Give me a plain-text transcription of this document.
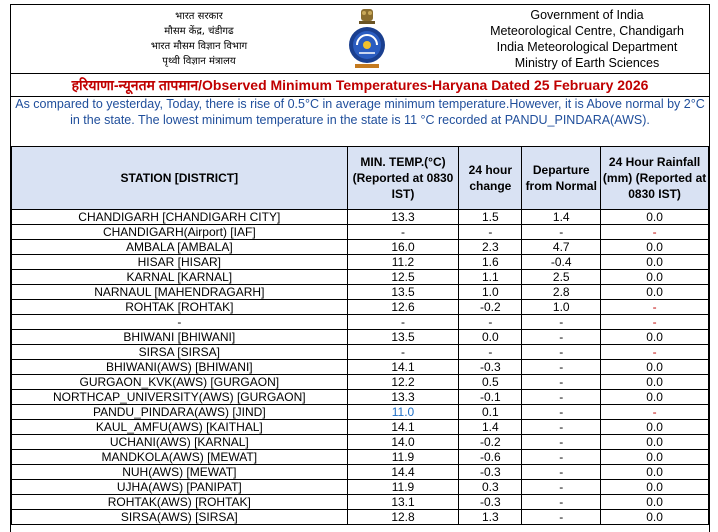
भारत सरकार
मौसम केंद्र, चंडीगढ
भारत मौसम विज्ञान विभाग
पृथ्वी विज्ञान मंत्रालय
Government of India
Meteorological Centre, Chandigarh
India Meteorological Department
Ministry of Earth Sciences
हरियाणा-न्यूनतम तापमान/Observed Minimum Temperatures-Haryana Dated 25 February 2026
As compared to yesterday, Today, there is rise of 0.5°C in average minimum temperature.However, it is Above normal by 2°C in the state. The lowest minimum temperature in the state is 11 °C recorded at PANDU_PINDARA(AWS).
STATION [DISTRICT]	MIN. TEMP.(°C) (Reported at 0830 IST)	24 hour change	Departure from Normal	24 Hour Rainfall (mm) (Reported at 0830 IST)
CHANDIGARH [CHANDIGARH CITY]	13.3	1.5	1.4	0.0
CHANDIGARH(Airport) [IAF]	-	-	-	-
AMBALA [AMBALA]	16.0	2.3	4.7	0.0
HISAR [HISAR]	11.2	1.6	-0.4	0.0
KARNAL [KARNAL]	12.5	1.1	2.5	0.0
NARNAUL [MAHENDRAGARH]	13.5	1.0	2.8	0.0
ROHTAK [ROHTAK]	12.6	-0.2	1.0	-
-	-	-	-	-
BHIWANI [BHIWANI]	13.5	0.0	-	0.0
SIRSA [SIRSA]	-	-	-	-
BHIWANI(AWS) [BHIWANI]	14.1	-0.3	-	0.0
GURGAON_KVK(AWS) [GURGAON]	12.2	0.5	-	0.0
NORTHCAP_UNIVERSITY(AWS) [GURGAON]	13.3	-0.1	-	0.0
PANDU_PINDARA(AWS) [JIND]	11.0	0.1	-	-
KAUL_AMFU(AWS) [KAITHAL]	14.1	1.4	-	0.0
UCHANI(AWS) [KARNAL]	14.0	-0.2	-	0.0
MANDKOLA(AWS) [MEWAT]	11.9	-0.6	-	0.0
NUH(AWS) [MEWAT]	14.4	-0.3	-	0.0
UJHA(AWS) [PANIPAT]	11.9	0.3	-	0.0
ROHTAK(AWS) [ROHTAK]	13.1	-0.3	-	0.0
SIRSA(AWS) [SIRSA]	12.8	1.3	-	0.0
